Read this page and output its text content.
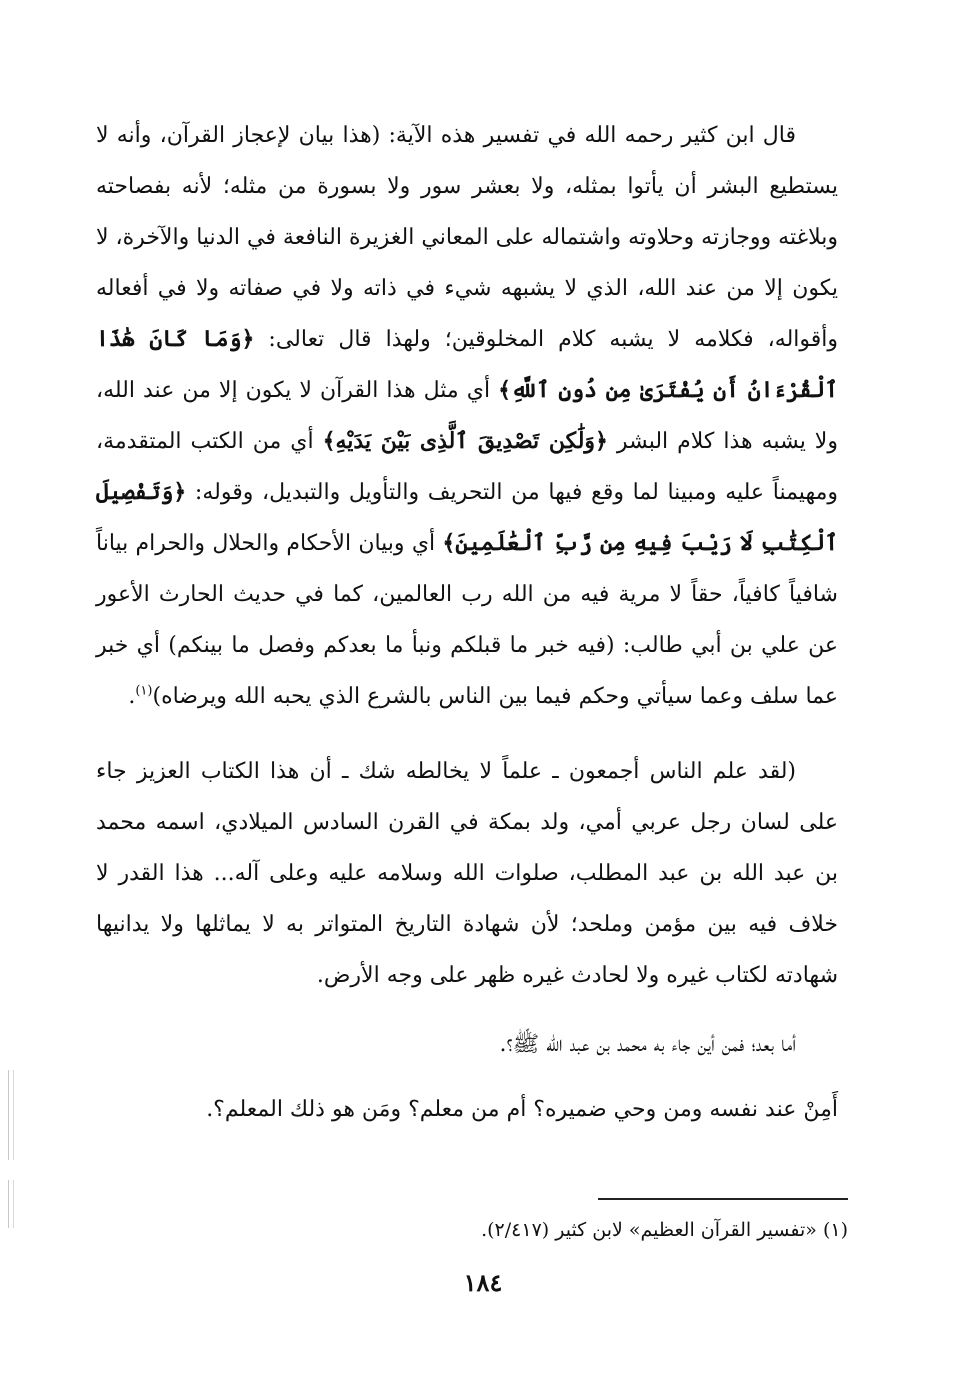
قال ابن كثير رحمه الله في تفسير هذه الآية: (هذا بيان لإعجاز القرآن، وأنه لا يستطيع البشر أن يأتوا بمثله، ولا بعشر سور ولا بسورة من مثله؛ لأنه بفصاحته وبلاغته ووجازته وحلاوته واشتماله على المعاني الغزيرة النافعة في الدنيا والآخرة، لا يكون إلا من عند الله، الذي لا يشبهه شيء في ذاته ولا في صفاته ولا في أفعاله وأقواله، فكلامه لا يشبه كلام المخلوقين؛ ولهذا قال تعالى: ﴿وَمَا كَانَ هَٰذَا ٱلْقُرْءَانُ أَن يُفْتَرَىٰ مِن دُونِ ٱللَّهِ﴾ أي مثل هذا القرآن لا يكون إلا من عند الله، ولا يشبه هذا كلام البشر ﴿وَلَٰكِن تَصْدِيقَ ٱلَّذِى بَيْنَ يَدَيْهِ﴾ أي من الكتب المتقدمة، ومهيمناً عليه ومبينا لما وقع فيها من التحريف والتأويل والتبديل، وقوله: ﴿وَتَفْصِيلَ ٱلْكِتَٰبِ لَا رَيْبَ فِيهِ مِن رَّبِّ ٱلْعَٰلَمِينَ﴾ أي وبيان الأحكام والحلال والحرام بياناً شافياً كافياً، حقاً لا مرية فيه من الله رب العالمين، كما في حديث الحارث الأعور عن علي بن أبي طالب: (فيه خبر ما قبلكم ونبأ ما بعدكم وفصل ما بينكم) أي خبر عما سلف وعما سيأتي وحكم فيما بين الناس بالشرع الذي يحبه الله ويرضاه)$^{(١)}$.

(لقد علم الناس أجمعون ـ علماً لا يخالطه شك ـ أن هذا الكتاب العزيز جاء على لسان رجل عربي أمي، ولد بمكة في القرن السادس الميلادي، اسمه محمد بن عبد الله بن عبد المطلب، صلوات الله وسلامه عليه وعلى آله... هذا القدر لا خلاف فيه بين مؤمن وملحد؛ لأن شهادة التاريخ المتواتر به لا يماثلها ولا يدانيها شهادته لكتاب غيره ولا لحادث غيره ظهر على وجه الأرض.

أما بعد؛ فمن أين جاء به محمد بن عبد الله ﷺ؟.

أَمِنْ عند نفسه ومن وحي ضميره؟ أم من معلم؟ ومَن هو ذلك المعلم؟.

(١) «تفسير القرآن العظيم» لابن كثير (٢/٤١٧).
١٨٤
